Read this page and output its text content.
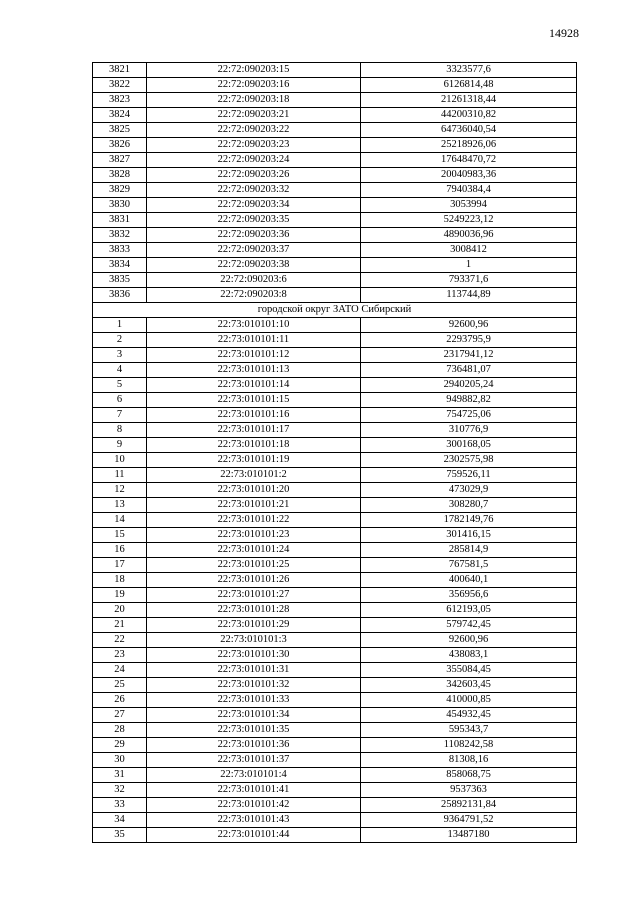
14928
3821	22:72:090203:15	3323577,6
3822	22:72:090203:16	6126814,48
3823	22:72:090203:18	21261318,44
3824	22:72:090203:21	44200310,82
3825	22:72:090203:22	64736040,54
3826	22:72:090203:23	25218926,06
3827	22:72:090203:24	17648470,72
3828	22:72:090203:26	20040983,36
3829	22:72:090203:32	7940384,4
3830	22:72:090203:34	3053994
3831	22:72:090203:35	5249223,12
3832	22:72:090203:36	4890036,96
3833	22:72:090203:37	3008412
3834	22:72:090203:38	1
3835	22:72:090203:6	793371,6
3836	22:72:090203:8	113744,89
городской округ ЗАТО Сибирский		
1	22:73:010101:10	92600,96
2	22:73:010101:11	2293795,9
3	22:73:010101:12	2317941,12
4	22:73:010101:13	736481,07
5	22:73:010101:14	2940205,24
6	22:73:010101:15	949882,82
7	22:73:010101:16	754725,06
8	22:73:010101:17	310776,9
9	22:73:010101:18	300168,05
10	22:73:010101:19	2302575,98
11	22:73:010101:2	759526,11
12	22:73:010101:20	473029,9
13	22:73:010101:21	308280,7
14	22:73:010101:22	1782149,76
15	22:73:010101:23	301416,15
16	22:73:010101:24	285814,9
17	22:73:010101:25	767581,5
18	22:73:010101:26	400640,1
19	22:73:010101:27	356956,6
20	22:73:010101:28	612193,05
21	22:73:010101:29	579742,45
22	22:73:010101:3	92600,96
23	22:73:010101:30	438083,1
24	22:73:010101:31	355084,45
25	22:73:010101:32	342603,45
26	22:73:010101:33	410000,85
27	22:73:010101:34	454932,45
28	22:73:010101:35	595343,7
29	22:73:010101:36	1108242,58
30	22:73:010101:37	81308,16
31	22:73:010101:4	858068,75
32	22:73:010101:41	9537363
33	22:73:010101:42	25892131,84
34	22:73:010101:43	9364791,52
35	22:73:010101:44	13487180
